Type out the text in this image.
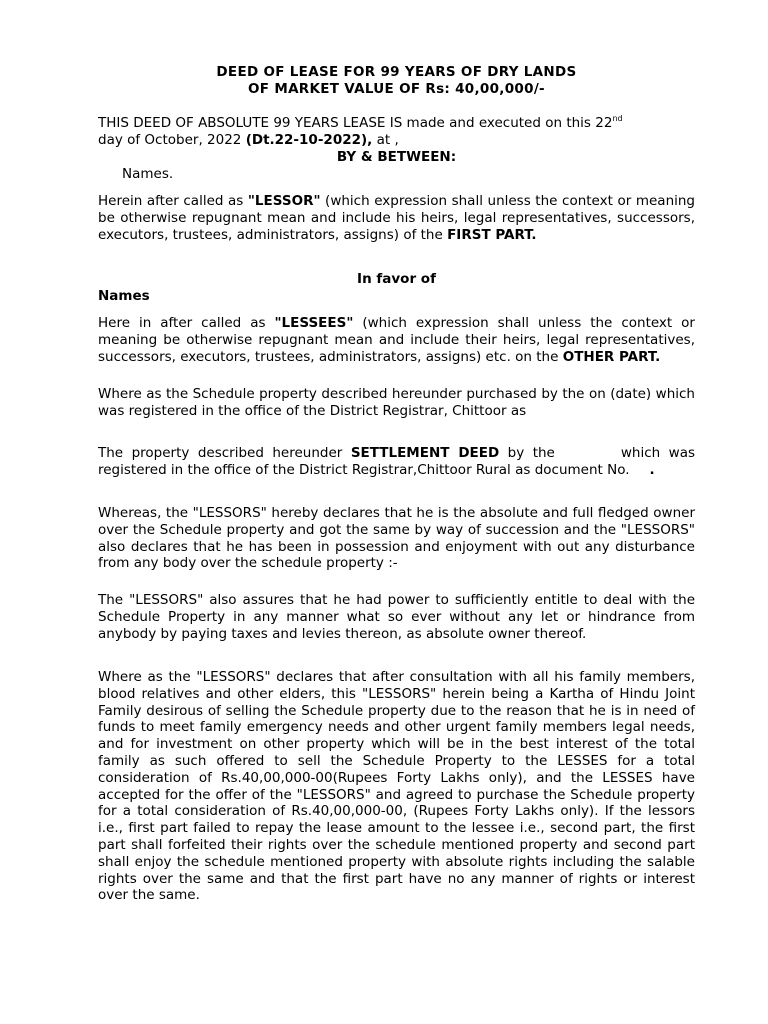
DEED OF LEASE FOR 99 YEARS OF DRY LANDS
OF MARKET VALUE OF Rs: 40,00,000/-

THIS DEED OF ABSOLUTE 99 YEARS LEASE IS made and executed on this 22nd
day of October, 2022 (Dt.22-10-2022), at ,

BY & BETWEEN:
Names.

Herein after called as "LESSOR" (which expression shall unless the context or meaning be otherwise repugnant mean and include his heirs, legal representatives, successors, executors, trustees, administrators, assigns) of the FIRST PART.

In favor of
Names

Here in after called as "LESSEES" (which expression shall unless the context or meaning be otherwise repugnant mean and include their heirs, legal representatives, successors, executors, trustees, administrators, assigns) etc. on the OTHER PART.

Where as the Schedule property described hereunder purchased by the on (date) which was registered in the office of the District Registrar, Chittoor as

The property described hereunder SETTLEMENT DEED by the	which was registered in the office of the District Registrar,Chittoor Rural as document No. .

Whereas, the "LESSORS" hereby declares that he is the absolute and full fledged owner over the Schedule property and got the same by way of succession and the "LESSORS" also declares that he has been in possession and enjoyment with out any disturbance from any body over the schedule property :-

The "LESSORS" also assures that he had power to sufficiently entitle to deal with the Schedule Property in any manner what so ever without any let or hindrance from anybody by paying taxes and levies thereon, as absolute owner thereof.

Where as the "LESSORS" declares that after consultation with all his family members, blood relatives and other elders, this "LESSORS" herein being a Kartha of Hindu Joint Family desirous of selling the Schedule property due to the reason that he is in need of funds to meet family emergency needs and other urgent family members legal needs, and for investment on other property which will be in the best interest of the total family as such offered to sell the Schedule Property to the LESSES for a total consideration of Rs.40,00,000-00(Rupees Forty Lakhs only), and the LESSES have accepted for the offer of the "LESSORS" and agreed to purchase the Schedule property for a total consideration of Rs.40,00,000-00, (Rupees Forty Lakhs only). If the lessors i.e., first part failed to repay the lease amount to the lessee i.e., second part, the first part shall forfeited their rights over the schedule mentioned property and second part shall enjoy the schedule mentioned property with absolute rights including the salable rights over the same and that the first part have no any manner of rights or interest over the same.
